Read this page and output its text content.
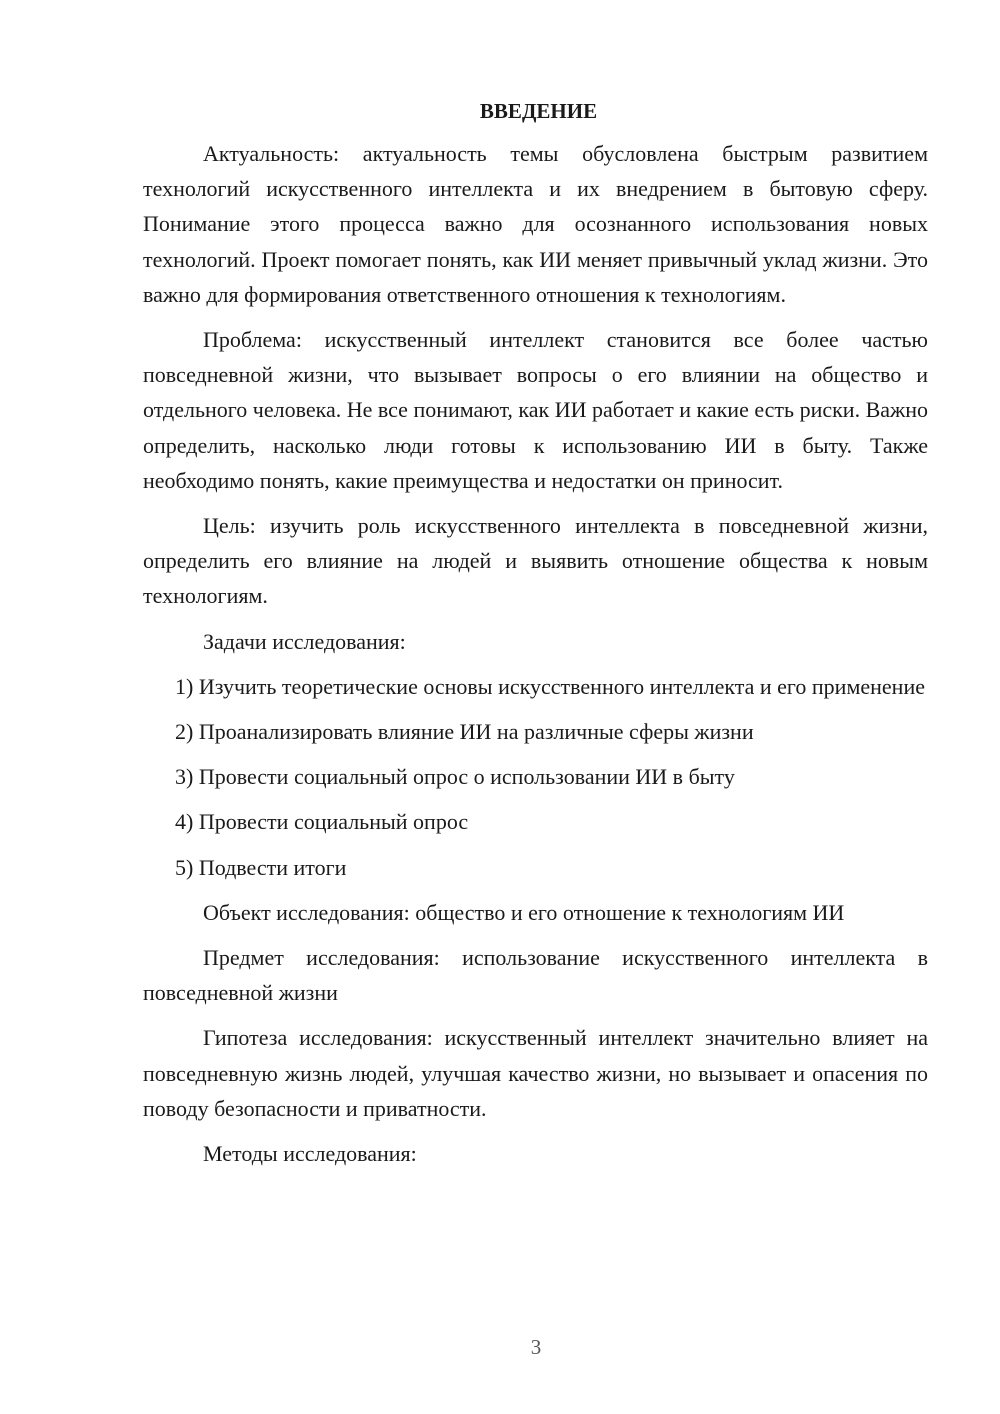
ВВЕДЕНИЕ

Актуальность: актуальность темы обусловлена быстрым развитием технологий искусственного интеллекта и их внедрением в бытовую сферу. Понимание этого процесса важно для осознанного использования новых технологий. Проект помогает понять, как ИИ меняет привычный уклад жизни. Это важно для формирования ответственного отношения к технологиям.

Проблема: искусственный интеллект становится все более частью повседневной жизни, что вызывает вопросы о его влиянии на общество и отдельного человека. Не все понимают, как ИИ работает и какие есть риски. Важно определить, насколько люди готовы к использованию ИИ в быту. Также необходимо понять, какие преимущества и недостатки он приносит.

Цель: изучить роль искусственного интеллекта в повседневной жизни, определить его влияние на людей и выявить отношение общества к новым технологиям.

Задачи исследования:

1) Изучить теоретические основы искусственного интеллекта и его применение

2) Проанализировать влияние ИИ на различные сферы жизни

3) Провести социальный опрос о использовании ИИ в быту

4) Провести социальный опрос

5) Подвести итоги

Объект исследования: общество и его отношение к технологиям ИИ

Предмет исследования: использование искусственного интеллекта в повседневной жизни

Гипотеза исследования: искусственный интеллект значительно влияет на повседневную жизнь людей, улучшая качество жизни, но вызывает и опасения по поводу безопасности и приватности.

Методы исследования:

3
